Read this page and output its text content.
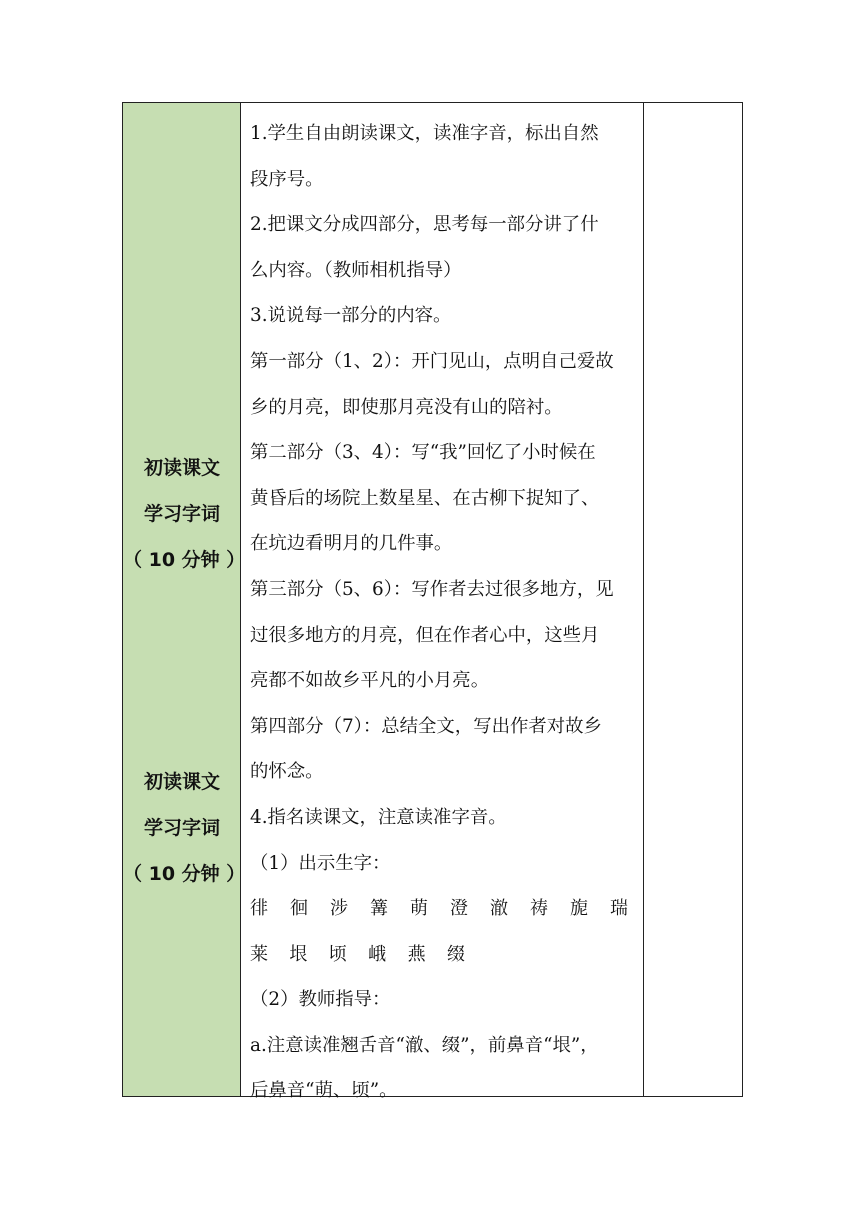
初读课文
学习字词
（ 10 分钟 ）
初读课文
学习字词
（ 10 分钟 ）
1.学生自由朗读课文，读准字音，标出自然
段序号。
2.把课文分成四部分，思考每一部分讲了什
么内容。（教师相机指导）
3.说说每一部分的内容。
第一部分（1、2）：开门见山，点明自己爱故
乡的月亮，即使那月亮没有山的陪衬。
第二部分（3、4）：写“我”回忆了小时候在
黄昏后的场院上数星星、在古柳下捉知了、
在坑边看明月的几件事。
第三部分（5、6）：写作者去过很多地方，见
过很多地方的月亮，但在作者心中，这些月
亮都不如故乡平凡的小月亮。
第四部分（7）：总结全文，写出作者对故乡
的怀念。
4.指名读课文，注意读准字音。
（1）出示生字：
徘 徊 涉 篝 萌 澄 澈 祷 旎 瑞
莱 垠 顷 峨 燕 缀
（2）教师指导：
a.注意读准翘舌音“澈、缀”，前鼻音“垠”，
后鼻音“萌、顷”。
